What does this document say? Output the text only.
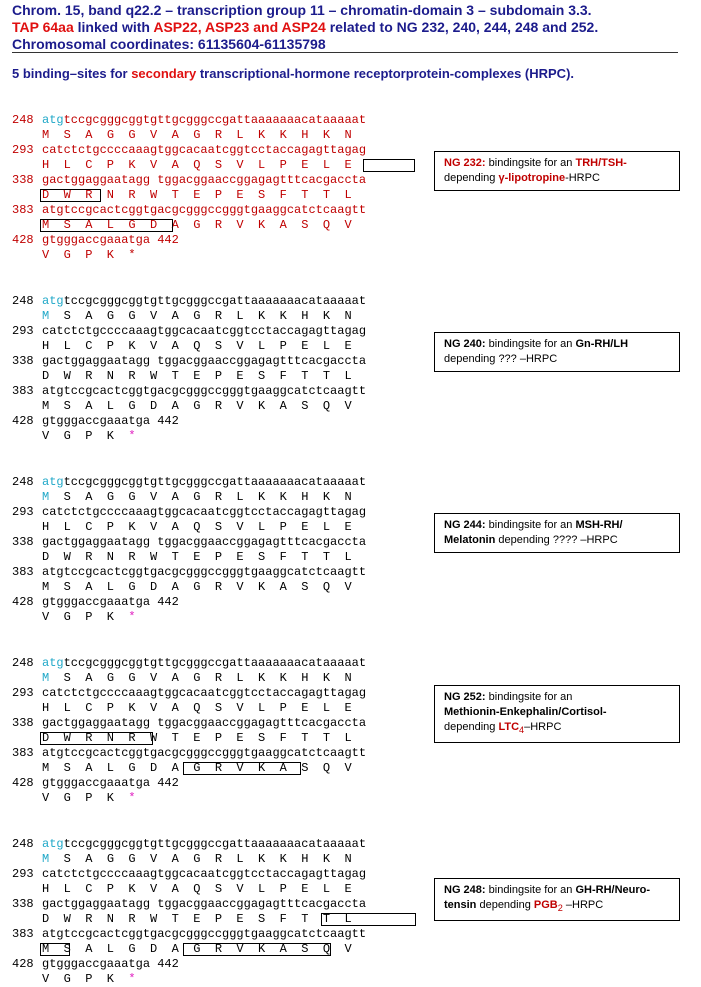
Chrom. 15, band q22.2 – transcription group 11 – chromatin-domain 3 – subdomain 3.3.
TAP 64aa linked with ASP22, ASP23 and ASP24 related to NG 232, 240, 244, 248 and 252.
Chromosomal coordinates: 61135604-61135798
5 binding–sites for secondary transcriptional-hormone receptorprotein-complexes (HRPC).
248 atgtccgcgggcggtgttgcgggccgattaaaaaaacataaaaat
M  S  A  G  G  V  A  G  R  L  K  K  H  K  N
293 catctctgccccaaagtggcacaatcggtcctaccagagttagag
H  L  C  P  K  V  A  Q  S  V  L  P  E  L  E
338 gactggaggaatagg tggacggaaccggagagtttcacgaccta
D  W  R  N  R  W  T  E  P  E  S  F  T  T  L
383 atgtccgcactcggtgacgcgggccgggtgaaggcatctcaagtt
M  S  A  L  G  D  A  G  R  V  K  A  S  Q  V
428 gtgggaccgaaatga 442
V  G  P  K  *
NG 232: bindingsite for an TRH/TSH-
depending γ-lipotropine-HRPC
248 atgtccgcgggcggtgttgcgggccgattaaaaaaacataaaaat
M  S  A  G  G  V  A  G  R  L  K  K  H  K  N
293 catctctgccccaaagtggcacaatcggtcctaccagagttagag
H  L  C  P  K  V  A  Q  S  V  L  P  E  L  E
338 gactggaggaatagg tggacggaaccggagagtttcacgaccta
D  W  R  N  R  W  T  E  P  E  S  F  T  T  L
383 atgtccgcactcggtgacgcgggccgggtgaaggcatctcaagtt
M  S  A  L  G  D  A  G  R  V  K  A  S  Q  V
428 gtgggaccgaaatga 442
V  G  P  K  *
NG 240: bindingsite for an Gn-RH/LH
depending ??? –HRPC
248 atgtccgcgggcggtgttgcgggccgattaaaaaaacataaaaat
M  S  A  G  G  V  A  G  R  L  K  K  H  K  N
293 catctctgccccaaagtggcacaatcggtcctaccagagttagag
H  L  C  P  K  V  A  Q  S  V  L  P  E  L  E
338 gactggaggaatagg tggacggaaccggagagtttcacgaccta
D  W  R  N  R  W  T  E  P  E  S  F  T  T  L
383 atgtccgcactcggtgacgcgggccgggtgaaggcatctcaagtt
M  S  A  L  G  D  A  G  R  V  K  A  S  Q  V
428 gtgggaccgaaatga 442
V  G  P  K  *
NG 244: bindingsite for an MSH-RH/
Melatonin depending ???? –HRPC
248 atgtccgcgggcggtgttgcgggccgattaaaaaaacataaaaat
M  S  A  G  G  V  A  G  R  L  K  K  H  K  N
293 catctctgccccaaagtggcacaatcggtcctaccagagttagag
H  L  C  P  K  V  A  Q  S  V  L  P  E  L  E
338 gactggaggaatagg tggacggaaccggagagtttcacgaccta
D  W  R  N  R  W  T  E  P  E  S  F  T  T  L
383 atgtccgcactcggtgacgcgggccgggtgaaggcatctcaagtt
M  S  A  L  G  D  A  G  R  V  K  A  S  Q  V
428 gtgggaccgaaatga 442
V  G  P  K  *
NG 252: bindingsite for an
Methionin-Enkephalin/Cortisol-
depending $LTC_4$–HRPC
248 atgtccgcgggcggtgttgcgggccgattaaaaaaacataaaaat
M  S  A  G  G  V  A  G  R  L  K  K  H  K  N
293 catctctgccccaaagtggcacaatcggtcctaccagagttagag
H  L  C  P  K  V  A  Q  S  V  L  P  E  L  E
338 gactggaggaatagg tggacggaaccggagagtttcacgaccta
D  W  R  N  R  W  T  E  P  E  S  F  T  T  L
383 atgtccgcactcggtgacgcgggccgggtgaaggcatctcaagtt
M  S  A  L  G  D  A  G  R  V  K  A  S  Q  V
428 gtgggaccgaaatga 442
V  G  P  K  *
NG 248: bindingsite for an GH-RH/Neuro-
tensin depending $PGB_2$ –HRPC
